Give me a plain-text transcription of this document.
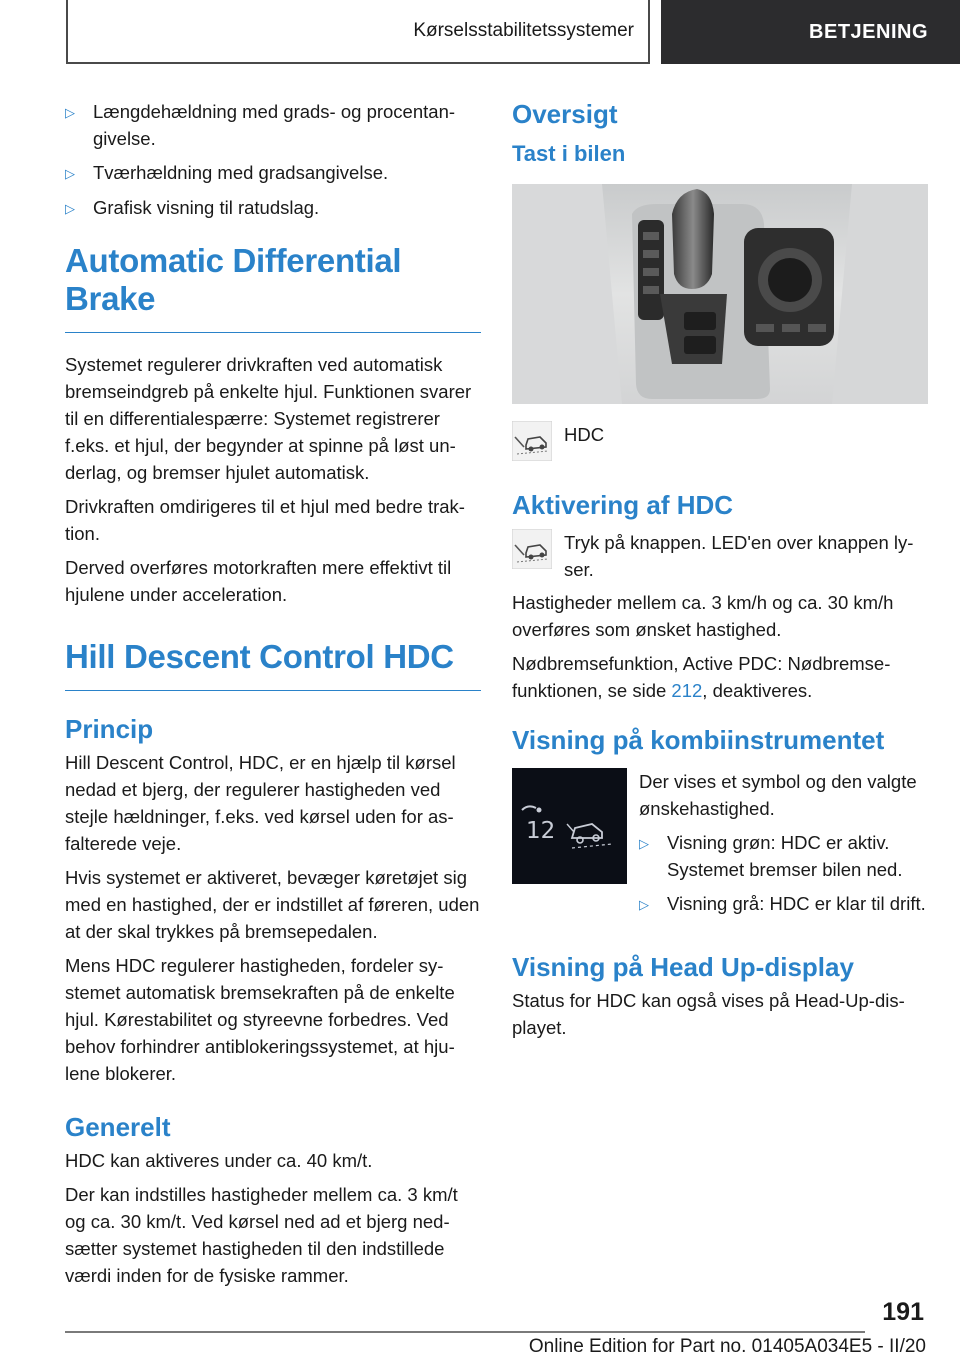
Kørselsstabilitetssystemer	BETJENING
▷ Længdehældning med grads- og procentangivelse.
▷ Tværhældning med gradsangivelse.
▷ Grafisk visning til ratudslag.
Automatic Differential Brake

Systemet regulerer drivkraften ved automatisk bremseindgreb på enkelte hjul. Funktionen svarer til en differentialespærre: Systemet registrerer f.eks. et hjul, der begynder at spinne på løst underlag, og bremser hjulet automatisk.

Drivkraften omdirigeres til et hjul med bedre traktion.

Derved overføres motorkraften mere effektivt til hjulene under acceleration.

Hill Descent Control HDC
Princip

Hill Descent Control, HDC, er en hjælp til kørsel nedad et bjerg, der regulerer hastigheden ved stejle hældninger, f.eks. ved kørsel uden for asfalterede veje.

Hvis systemet er aktiveret, bevæger køretøjet sig med en hastighed, der er indstillet af føreren, uden at der skal trykkes på bremsepedalen.

Mens HDC regulerer hastigheden, fordeler systemet automatisk bremsekraften på de enkelte hjul. Kørestabilitet og styreevne forbedres. Ved behov forhindrer antiblokeringssystemet, at hjulene blokerer.

Generelt

HDC kan aktiveres under ca. 40 km/t.

Der kan indstilles hastigheder mellem ca. 3 km/t og ca. 30 km/t. Ved kørsel ned ad et bjerg nedsætter systemet hastigheden til den indstillede værdi inden for de fysiske rammer.

Oversigt
Tast i bilen
HDC
Aktivering af HDC
Tryk på knappen. LED'en over knappen lyser.

Hastigheder mellem ca. 3 km/h og ca. 30 km/h overføres som ønsket hastighed.

Nødbremsefunktion, Active PDC: Nødbremsefunktionen, se side 212, deaktiveres.

Visning på kombiinstrumentet
12

Der vises et symbol og den valgte ønskehastighed.

▷ Visning grøn: HDC er aktiv. Systemet bremser bilen ned.
▷ Visning grå: HDC er klar til drift.
Visning på Head Up-display

Status for HDC kan også vises på Head-Up-displayet.

191
Online Edition for Part no. 01405A034E5 - II/20
